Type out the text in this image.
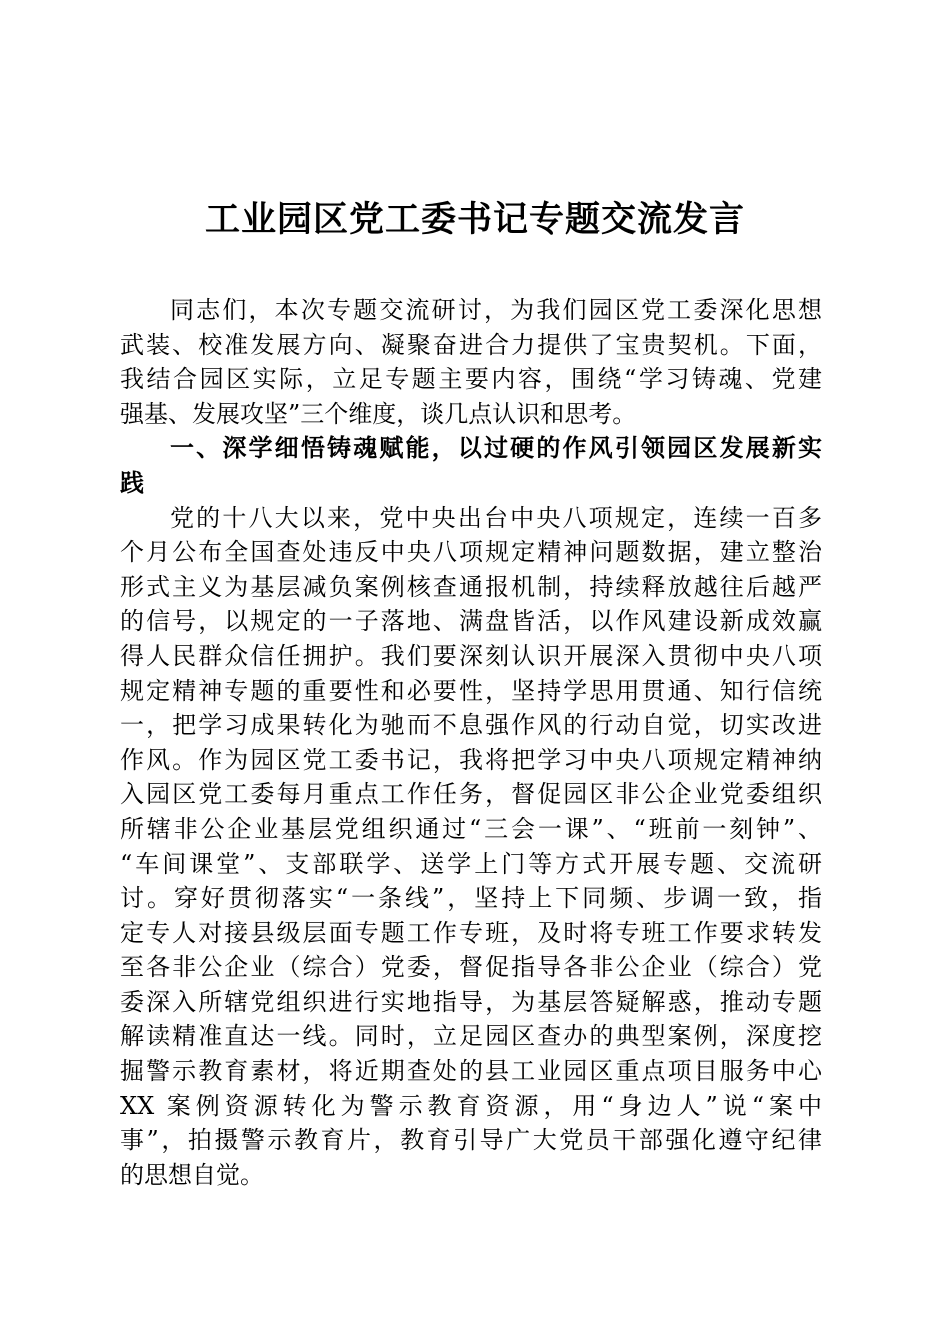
工业园区党工委书记专题交流发言
同志们，本次专题交流研讨，为我们园区党工委深化思想
武装、校准发展方向、凝聚奋进合力提供了宝贵契机。下面，
我结合园区实际，立足专题主要内容，围绕“学习铸魂、党建
强基、发展攻坚”三个维度，谈几点认识和思考。
一、深学细悟铸魂赋能，以过硬的作风引领园区发展新实
践
党的十八大以来，党中央出台中央八项规定，连续一百多
个月公布全国查处违反中央八项规定精神问题数据，建立整治
形式主义为基层减负案例核查通报机制，持续释放越往后越严
的信号，以规定的一子落地、满盘皆活，以作风建设新成效赢
得人民群众信任拥护。我们要深刻认识开展深入贯彻中央八项
规定精神专题的重要性和必要性，坚持学思用贯通、知行信统
一，把学习成果转化为驰而不息强作风的行动自觉，切实改进
作风。作为园区党工委书记，我将把学习中央八项规定精神纳
入园区党工委每月重点工作任务，督促园区非公企业党委组织
所辖非公企业基层党组织通过“三会一课”、“班前一刻钟”、
“车间课堂”、支部联学、送学上门等方式开展专题、交流研
讨。穿好贯彻落实“一条线”，坚持上下同频、步调一致，指
定专人对接县级层面专题工作专班，及时将专班工作要求转发
至各非公企业（综合）党委，督促指导各非公企业（综合）党
委深入所辖党组织进行实地指导，为基层答疑解惑，推动专题
解读精准直达一线。同时，立足园区查办的典型案例，深度挖
掘警示教育素材，将近期查处的县工业园区重点项目服务中心
XX 案例资源转化为警示教育资源，用“身边人”说“案中
事”，拍摄警示教育片，教育引导广大党员干部强化遵守纪律
的思想自觉。
